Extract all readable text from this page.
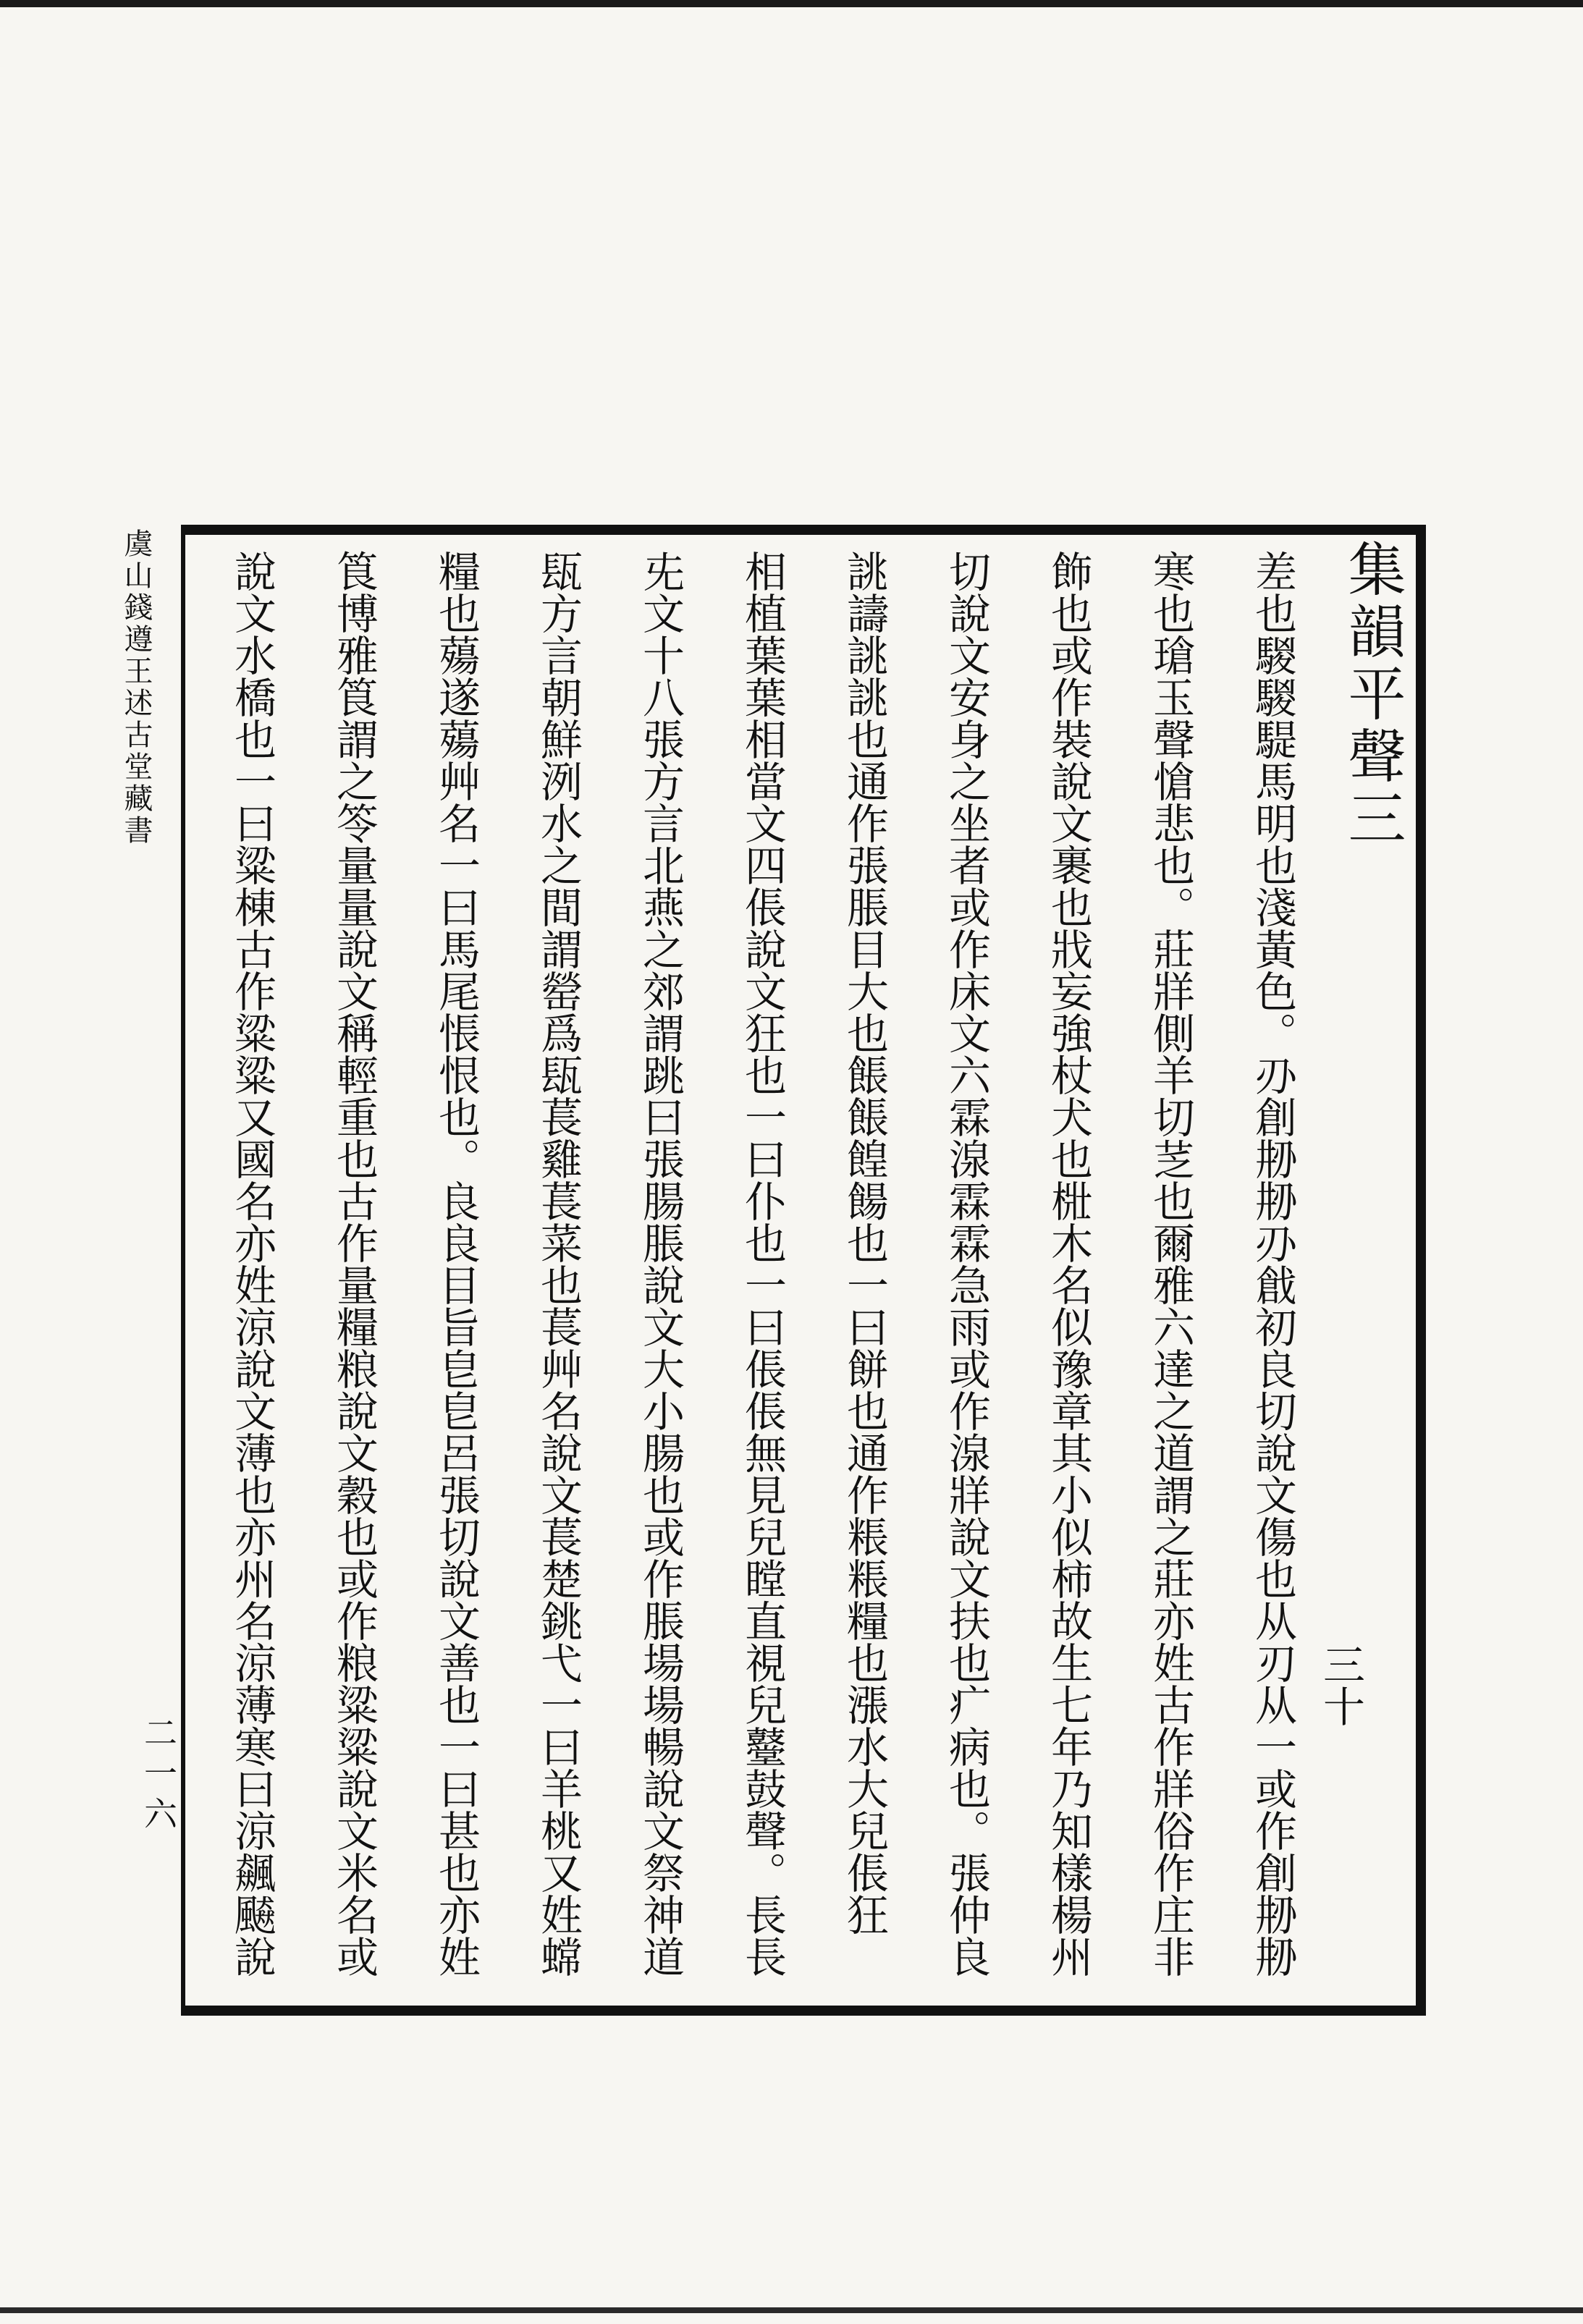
集韻平聲三
三十
二一六
虞山錢遵王述古堂藏書	差也騣騣騠馬明也淺黃色。刅創刱刱刅戧初良切說文傷也从刃从一或作創刱刱
寒也瑲玉聲愴悲也。莊牂側羊切䒦也爾雅六達之道謂之莊亦姓古作牂俗作庄非
飾也或作裝說文裹也戕妄強杖犬也梉木名似豫章其小似柿故生七年乃知樣楊州
切說文安身之坐者或作床文六霖湶霖霖急雨或作湶牂說文扶也疒病也。張仲良
誂譸誂誂也通作張脹目大也餦餦餭餳也一曰餅也通作粻粻糧也漲水大兒倀狂
相植葉葉相當文四倀說文狂也一曰仆也一曰倀倀無見兒瞠直視兒鼞鼓聲。長長
兂文十八張方言北燕之郊謂跳曰張腸脹說文大小腸也或作脹場場暢說文祭神道
瓺方言朝鮮洌水之間謂罃爲瓺萇雞萇菜也萇艸名說文萇楚銚弋一曰羊桃又姓蟐
糧也薚遂薚艸名一曰馬尾悵恨也。良良目旨皀皀呂張切說文善也一曰甚也亦姓
筤博雅筤謂之笭量量說文稱輕重也古作量糧粮說文穀也或作粮粱粱說文米名或
說文水橋也一曰粱棟古作粱粱又國名亦姓涼說文薄也亦州名涼薄寒曰涼飆飇說
